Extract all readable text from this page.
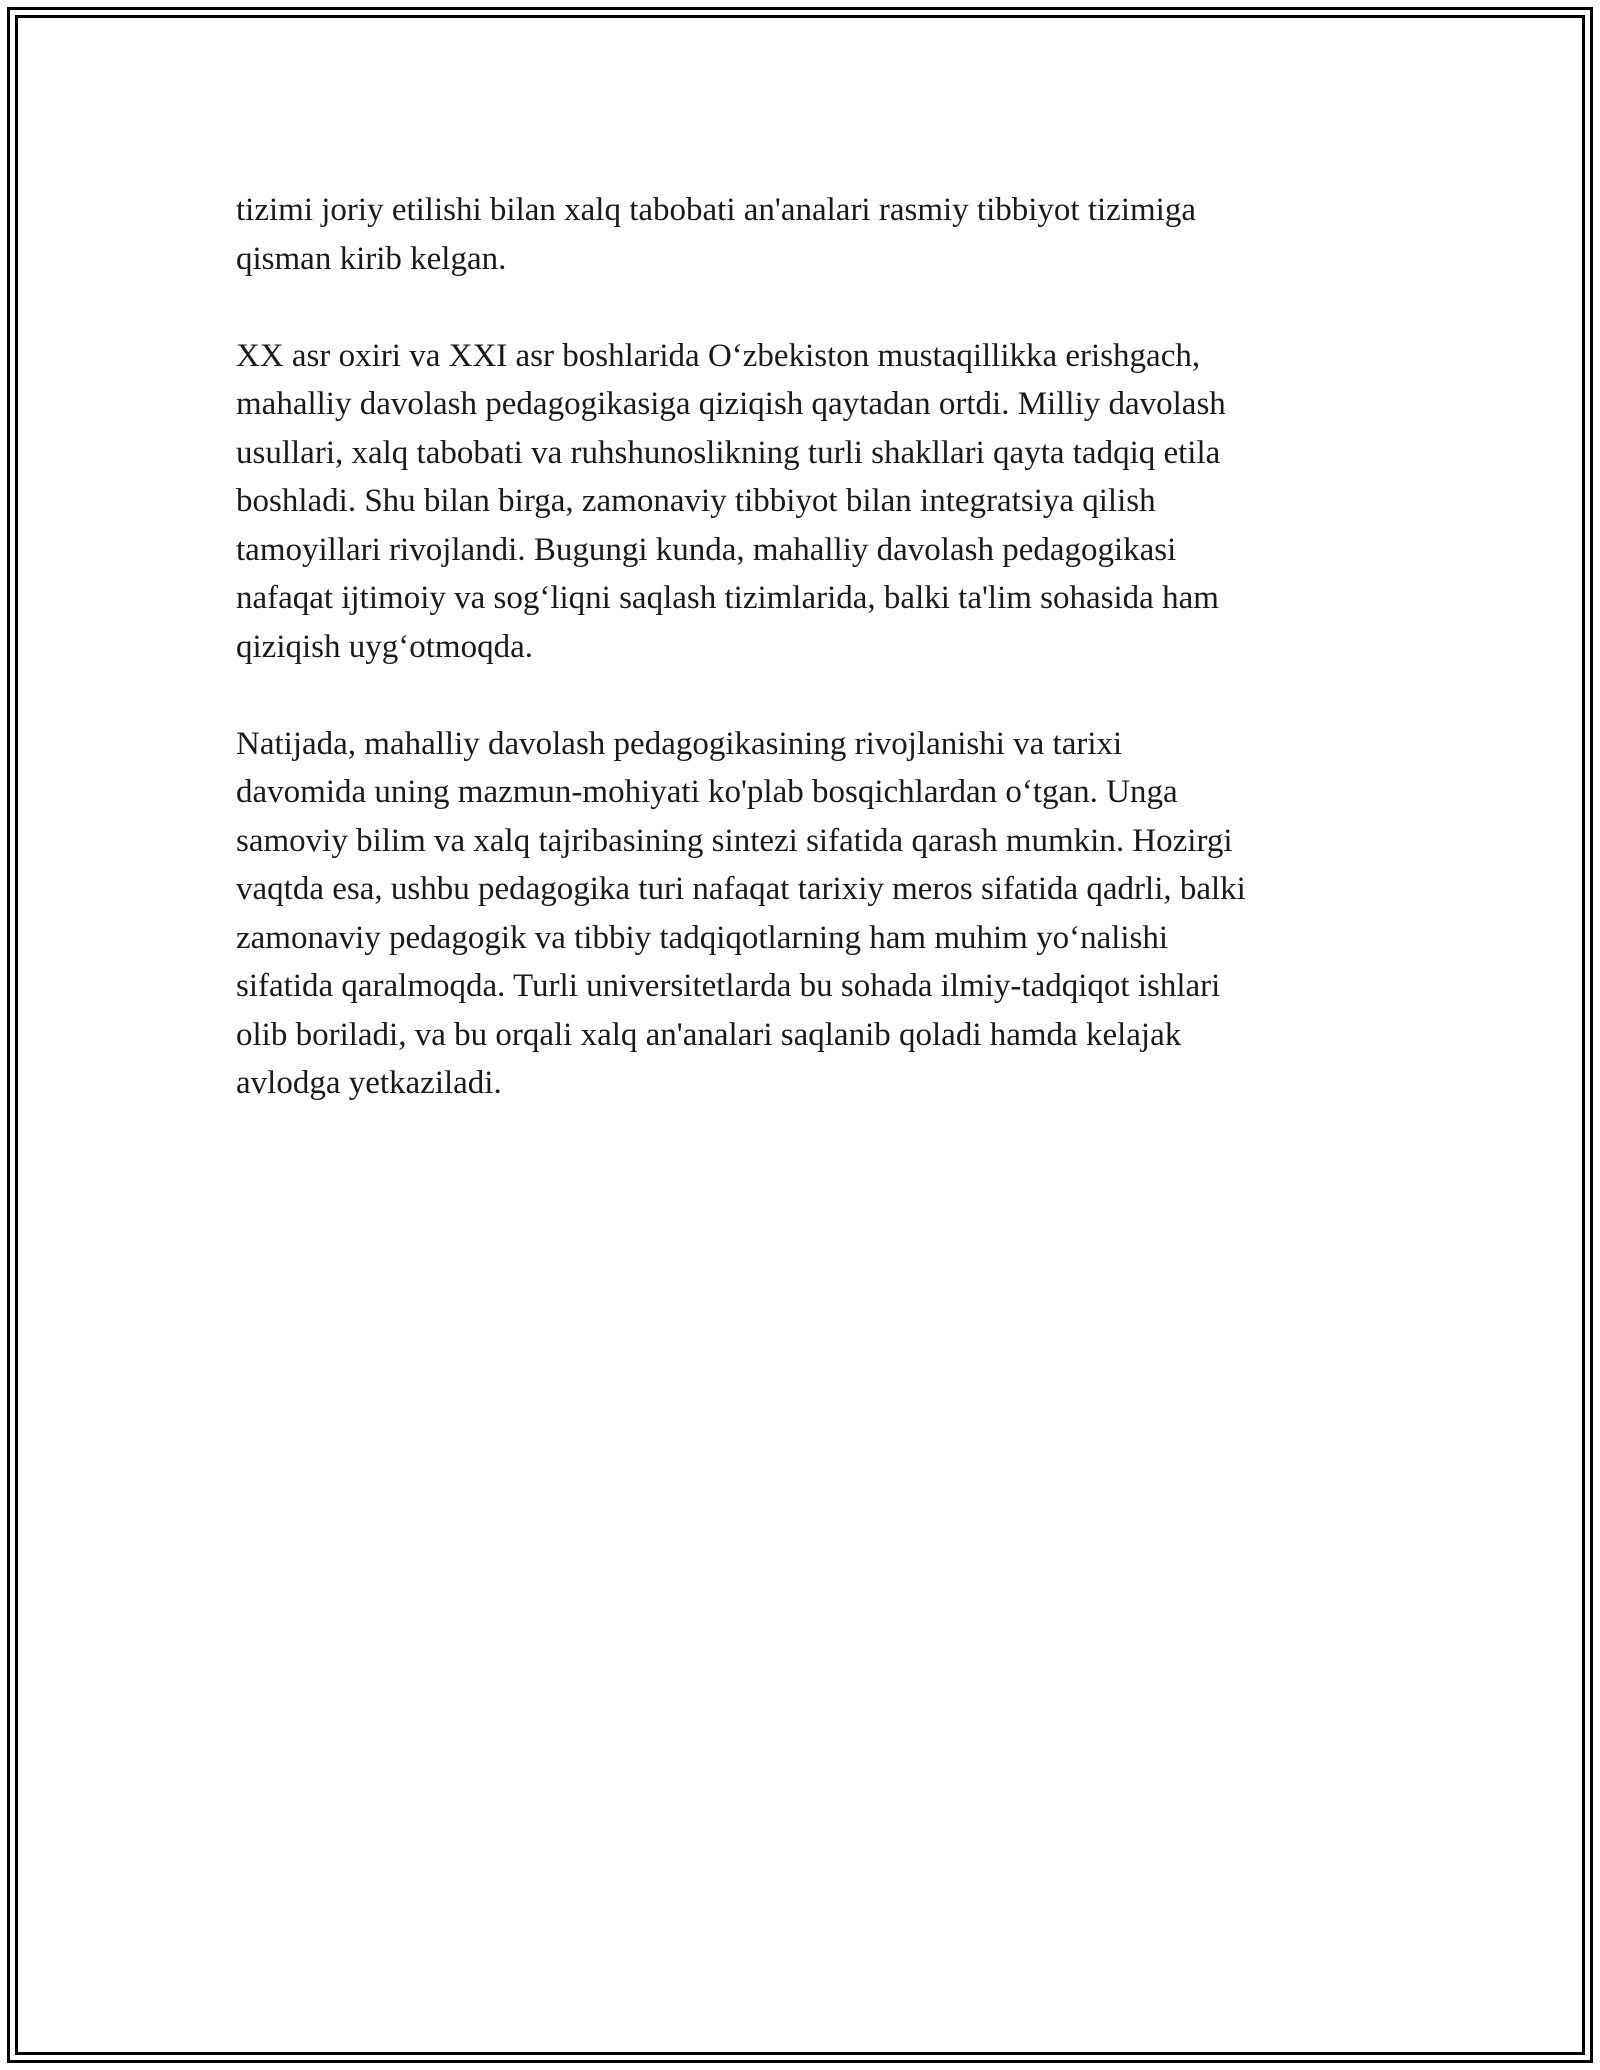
tizimi joriy etilishi bilan xalq tabobati an'analari rasmiy tibbiyot tizimiga
qisman kirib kelgan.

XX asr oxiri va XXI asr boshlarida O‘zbekiston mustaqillikka erishgach,
mahalliy davolash pedagogikasiga qiziqish qaytadan ortdi. Milliy davolash
usullari, xalq tabobati va ruhshunoslikning turli shakllari qayta tadqiq etila
boshladi. Shu bilan birga, zamonaviy tibbiyot bilan integratsiya qilish
tamoyillari rivojlandi. Bugungi kunda, mahalliy davolash pedagogikasi
nafaqat ijtimoiy va sog‘liqni saqlash tizimlarida, balki ta'lim sohasida ham
qiziqish uyg‘otmoqda.

Natijada, mahalliy davolash pedagogikasining rivojlanishi va tarixi
davomida uning mazmun-mohiyati ko'plab bosqichlardan o‘tgan. Unga
samoviy bilim va xalq tajribasining sintezi sifatida qarash mumkin. Hozirgi
vaqtda esa, ushbu pedagogika turi nafaqat tarixiy meros sifatida qadrli, balki
zamonaviy pedagogik va tibbiy tadqiqotlarning ham muhim yo‘nalishi
sifatida qaralmoqda. Turli universitetlarda bu sohada ilmiy-tadqiqot ishlari
olib boriladi, va bu orqali xalq an'analari saqlanib qoladi hamda kelajak
avlodga yetkaziladi.
